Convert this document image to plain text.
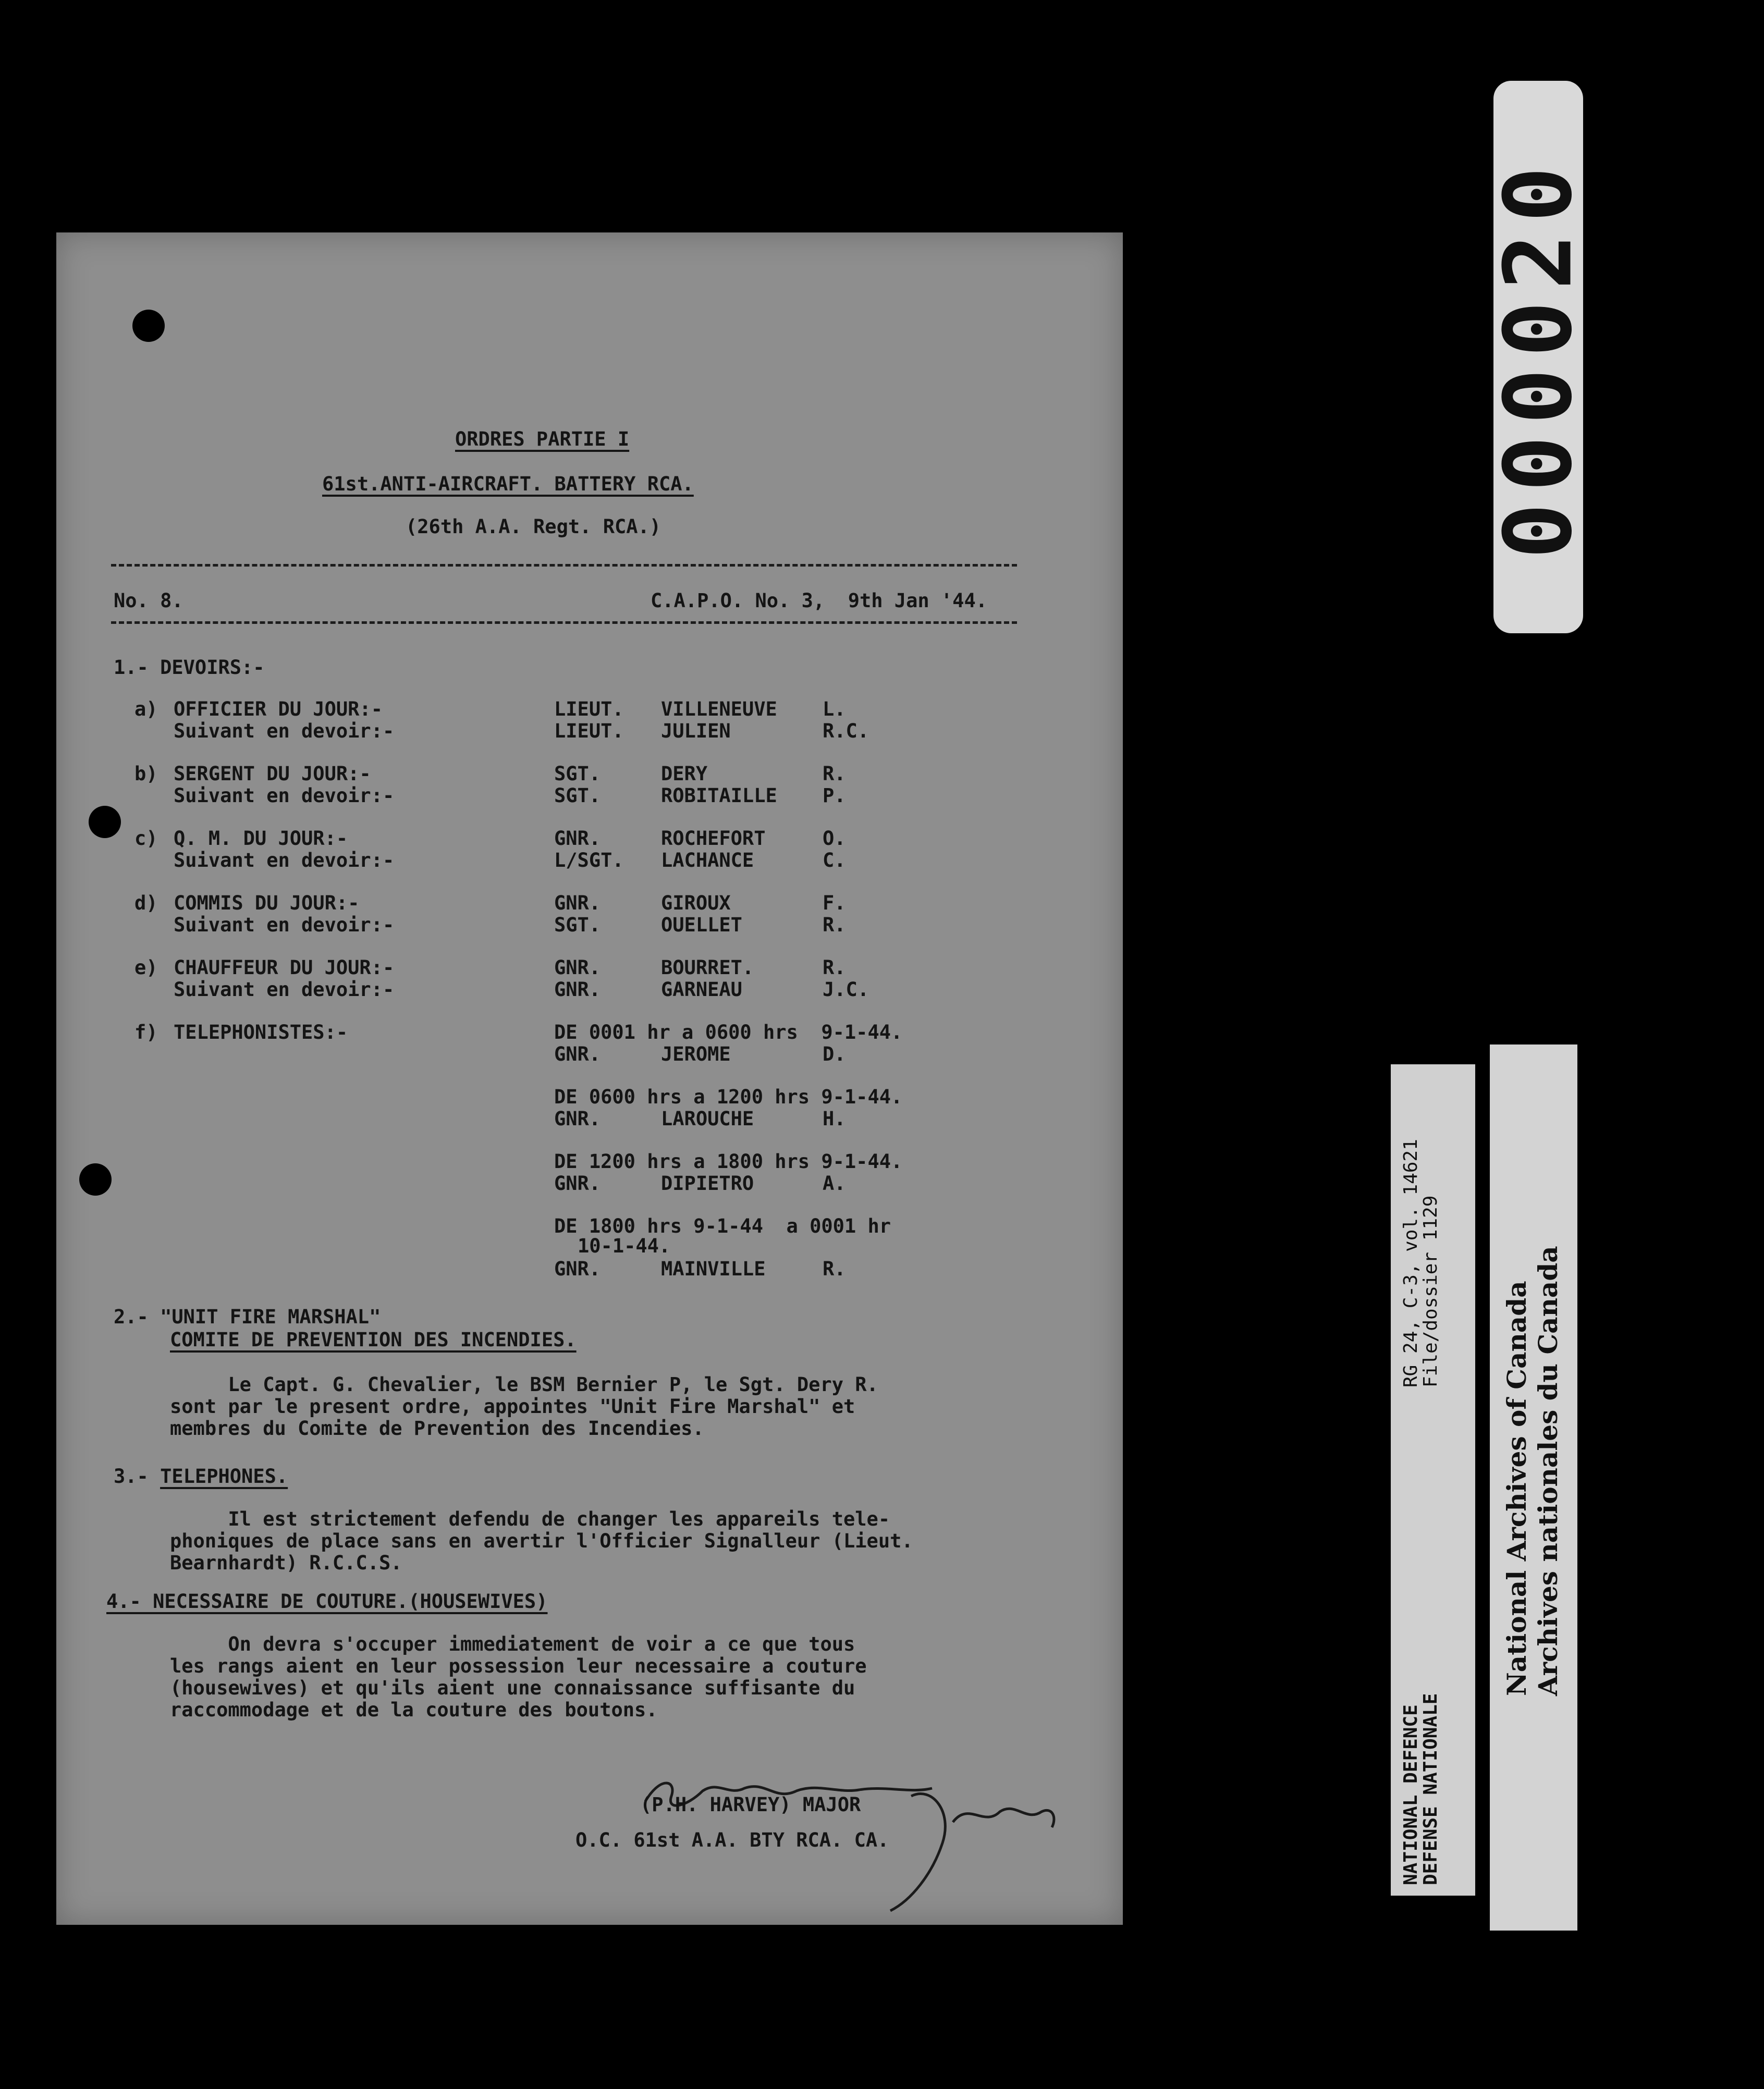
ORDRES PARTIE I
61st.ANTI-AIRCRAFT. BATTERY RCA.
(26th A.A. Regt. RCA.)
No. 8.	C.A.P.O. No. 3,  9th Jan '44.
1.- DEVOIRS:-
a) OFFICIER DU JOUR:-	LIEUT. VILLENEUVE L.
Suivant en devoir:-	LIEUT. JULIEN	R.C.
b) SERGENT DU JOUR:-	SGT.	DERY	R.
Suivant en devoir:-	SGT.	ROBITAILLE P.
c) Q. M. DU JOUR:-	GNR.	ROCHEFORT	O.
Suivant en devoir:-	L/SGT. LACHANCE	C.
d) COMMIS DU JOUR:-	GNR.	GIROUX	F.
Suivant en devoir:-	SGT.	OUELLET	R.
e) CHAUFFEUR DU JOUR:-	GNR.	BOURRET.	R.
Suivant en devoir:-	GNR.	GARNEAU	J.C.
f) TELEPHONISTES:-	DE 0001 hr a 0600 hrs  9-1-44.
GNR.	JEROME	D.
DE 0600 hrs a 1200 hrs 9-1-44.
GNR.	LAROUCHE	H.
DE 1200 hrs a 1800 hrs 9-1-44.
GNR.	DIPIETRO	A.
DE 1800 hrs 9-1-44  a 0001 hr
10-1-44.
GNR.	MAINVILLE	R.
2.- "UNIT FIRE MARSHAL"
COMITE DE PREVENTION DES INCENDIES.
Le Capt. G. Chevalier, le BSM Bernier P, le Sgt. Dery R.
sont par le present ordre, appointes "Unit Fire Marshal" et
membres du Comite de Prevention des Incendies.
3.- TELEPHONES.
Il est strictement defendu de changer les appareils tele-
phoniques de place sans en avertir l'Officier Signalleur (Lieut.
Bearnhardt) R.C.C.S.
4.- NECESSAIRE DE COUTURE.(HOUSEWIVES)
On devra s'occuper immediatement de voir a ce que tous
les rangs aient en leur possession leur necessaire a couture
(housewives) et qu'ils aient une connaissance suffisante du
raccommodage et de la couture des boutons.
(P.H. HARVEY) MAJOR
O.C. 61st A.A. BTY RCA. CA.
000020
RG 24, C-3, vol. 14621
File/dossier 1129
NATIONAL DEFENCE
DEFENSE NATIONALE
National Archives of Canada Archives nationales du Canada
